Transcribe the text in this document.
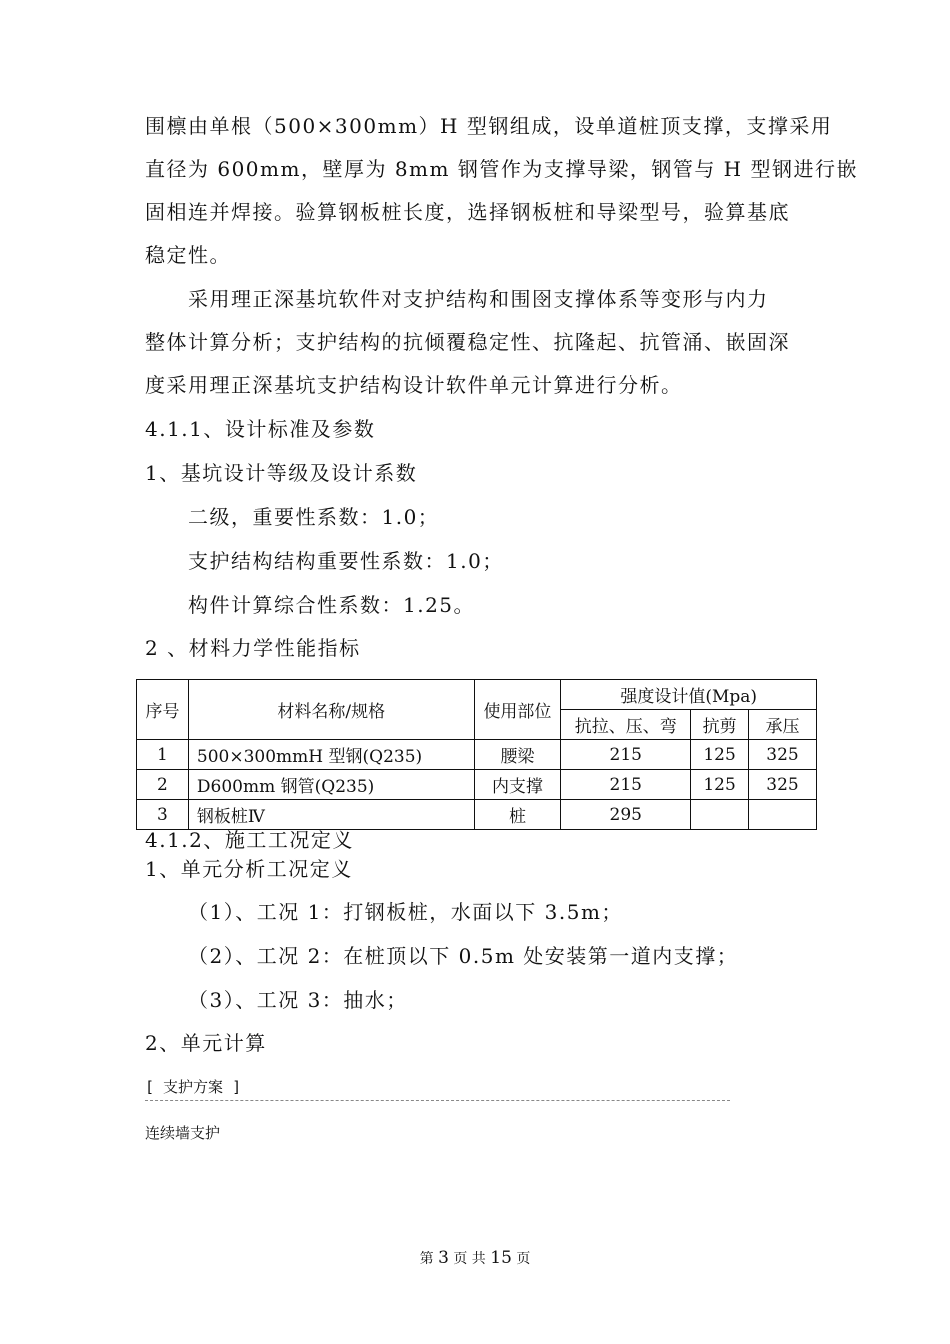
围檩由单根（500×300mm）H 型钢组成，设单道桩顶支撑，支撑采用

直径为 600mm，壁厚为 8mm 钢管作为支撑导梁，钢管与 H 型钢进行嵌

固相连并焊接。验算钢板桩长度，选择钢板桩和导梁型号，验算基底

稳定性。

采用理正深基坑软件对支护结构和围囹支撑体系等变形与内力

整体计算分析；支护结构的抗倾覆稳定性、抗隆起、抗管涌、嵌固深

度采用理正深基坑支护结构设计软件单元计算进行分析。

4.1.1、设计标准及参数

1、基坑设计等级及设计系数

二级，重要性系数：1.0；

支护结构结构重要性系数：1.0；

构件计算综合性系数：1.25。

2 、材料力学性能指标

序号	材料名称/规格	使用部位	强度设计值(Mpa)		
			抗拉、压、弯	抗剪	承压
1	500×300mmH 型钢(Q235)	腰梁	215	125	325
2	D600mm 钢管(Q235)	内支撑	215	125	325
3	钢板桩Ⅳ	桩	295		

4.1.2、施工工况定义

1、单元分析工况定义

（1）、工况 1：打钢板桩，水面以下 3.5m；

（2）、工况 2：在桩顶以下 0.5m 处安装第一道内支撑；

（3）、工况 3：抽水；

2、单元计算

[ 支护方案 ]
连续墙支护
第 3 页 共 15 页
